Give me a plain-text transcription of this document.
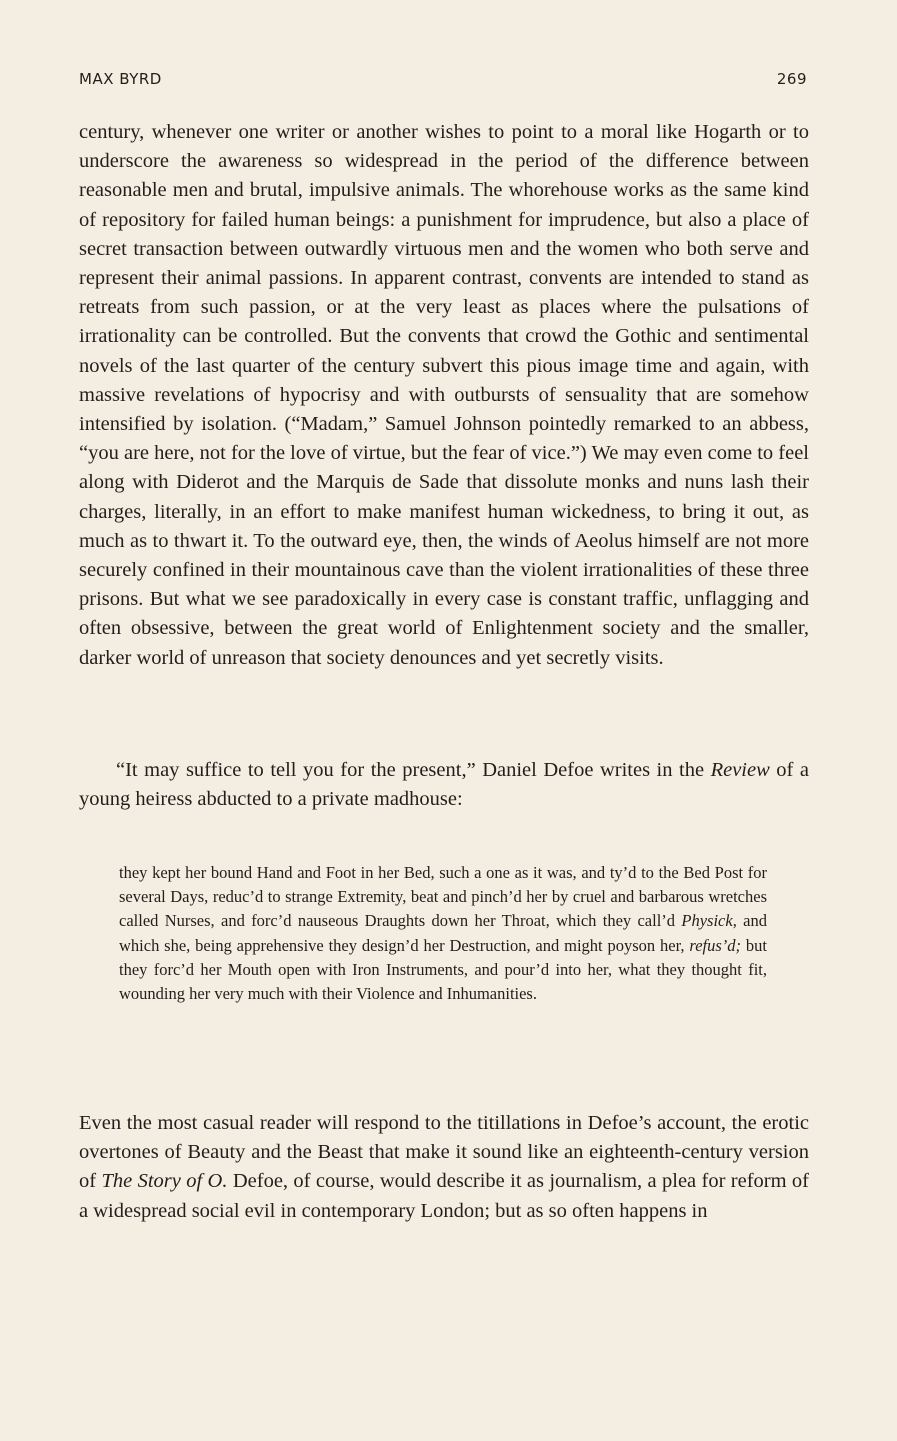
MAX BYRD	269

century, whenever one writer or another wishes to point to a moral like Hogarth or to underscore the awareness so widespread in the period of the difference between reasonable men and brutal, impulsive animals. The whorehouse works as the same kind of repository for failed human beings: a punishment for imprudence, but also a place of secret transaction between outwardly virtuous men and the women who both serve and represent their animal passions. In apparent contrast, convents are intended to stand as retreats from such passion, or at the very least as places where the pulsations of irrationality can be controlled. But the convents that crowd the Gothic and sentimental novels of the last quarter of the century subvert this pious image time and again, with massive revelations of hypocrisy and with outbursts of sensuality that are somehow intensified by isolation. (“Madam,” Samuel Johnson pointedly remarked to an abbess, “you are here, not for the love of virtue, but the fear of vice.”) We may even come to feel along with Diderot and the Marquis de Sade that dissolute monks and nuns lash their charges, literally, in an effort to make manifest human wickedness, to bring it out, as much as to thwart it. To the outward eye, then, the winds of Aeolus himself are not more securely confined in their mountainous cave than the violent irrationalities of these three prisons. But what we see paradoxically in every case is constant traffic, unflagging and often obsessive, between the great world of Enlightenment society and the smaller, darker world of unreason that society denounces and yet secretly visits.

“It may suffice to tell you for the present,” Daniel Defoe writes in the Review of a young heiress abducted to a private madhouse:

they kept her bound Hand and Foot in her Bed, such a one as it was, and ty’d to the Bed Post for several Days, reduc’d to strange Extremity, beat and pinch’d her by cruel and barbarous wretches called Nurses, and forc’d nauseous Draughts down her Throat, which they call’d Physick, and which she, being apprehensive they design’d her Destruction, and might poyson her, refus’d; but they forc’d her Mouth open with Iron Instruments, and pour’d into her, what they thought fit, wounding her very much with their Violence and Inhumanities.

Even the most casual reader will respond to the titillations in Defoe’s account, the erotic overtones of Beauty and the Beast that make it sound like an eighteenth-century version of The Story of O. Defoe, of course, would describe it as journalism, a plea for reform of a widespread social evil in contemporary London; but as so often happens in
